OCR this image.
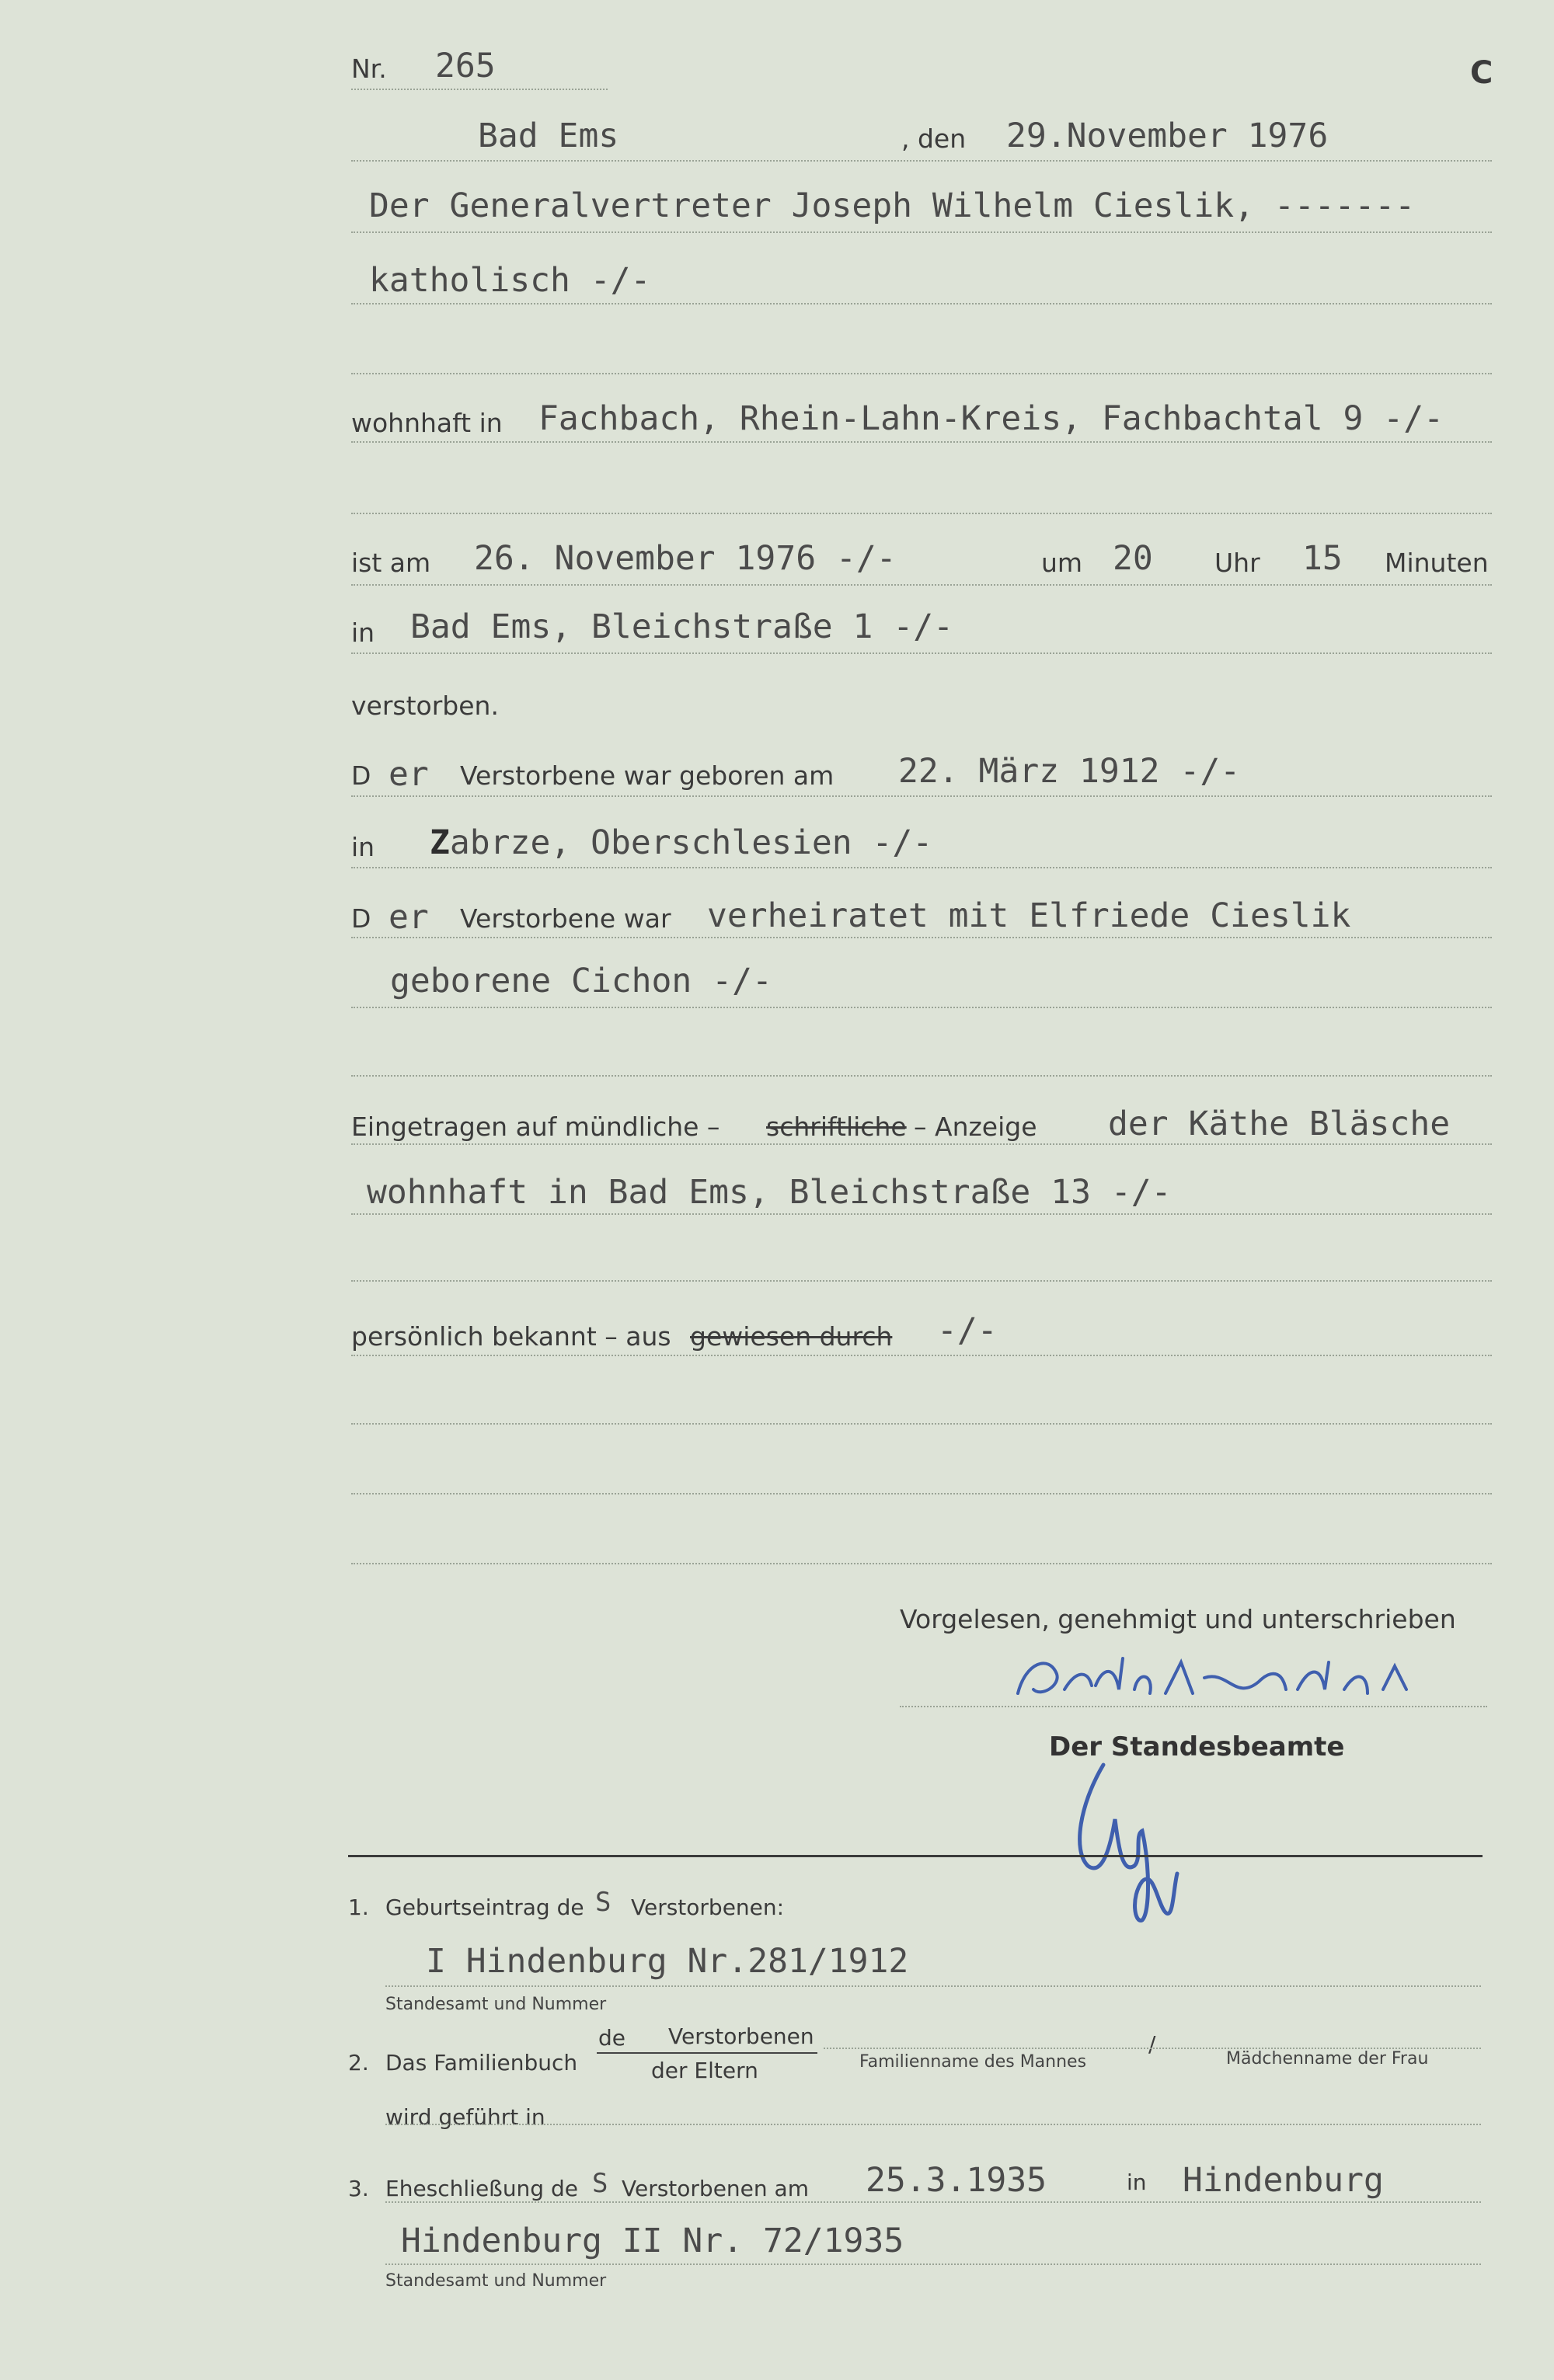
Nr. 265	C
Bad Ems	, den 29.November 1976
Der Generalvertreter Joseph Wilhelm Cieslik, -------
katholisch -/-
wohnhaft in Fachbach, Rhein-Lahn-Kreis, Fachbachtal 9 -/-
ist am 26. November 1976 -/-	um 20 Uhr 15 Minuten
in Bad Ems, Bleichstraße 1 -/-
verstorben.
D er Verstorbene war geboren am 22. März 1912 -/-
in Zabrze, Oberschlesien -/-
D er Verstorbene war verheiratet mit Elfriede Cieslik
geborene Cichon -/-
Eingetragen auf mündliche – schriftliche – Anzeige der Käthe Bläsche
wohnhaft in Bad Ems, Bleichstraße 13 -/-
persönlich bekannt – aus gewiesen durch -/-
Vorgelesen, genehmigt und unterschrieben
Der Standesbeamte
1. Geburtseintrag de S Verstorbenen:
I Hindenburg Nr.281/1912
Standesamt und Nummer
2. Das Familienbuch
de Verstorbenen
der Eltern	Familienname des Mannes
/
Mädchenname der Frau
wird geführt in
3. Eheschließung de S Verstorbenen am 25.3.1935	in Hindenburg
Hindenburg II Nr. 72/1935
Standesamt und Nummer
